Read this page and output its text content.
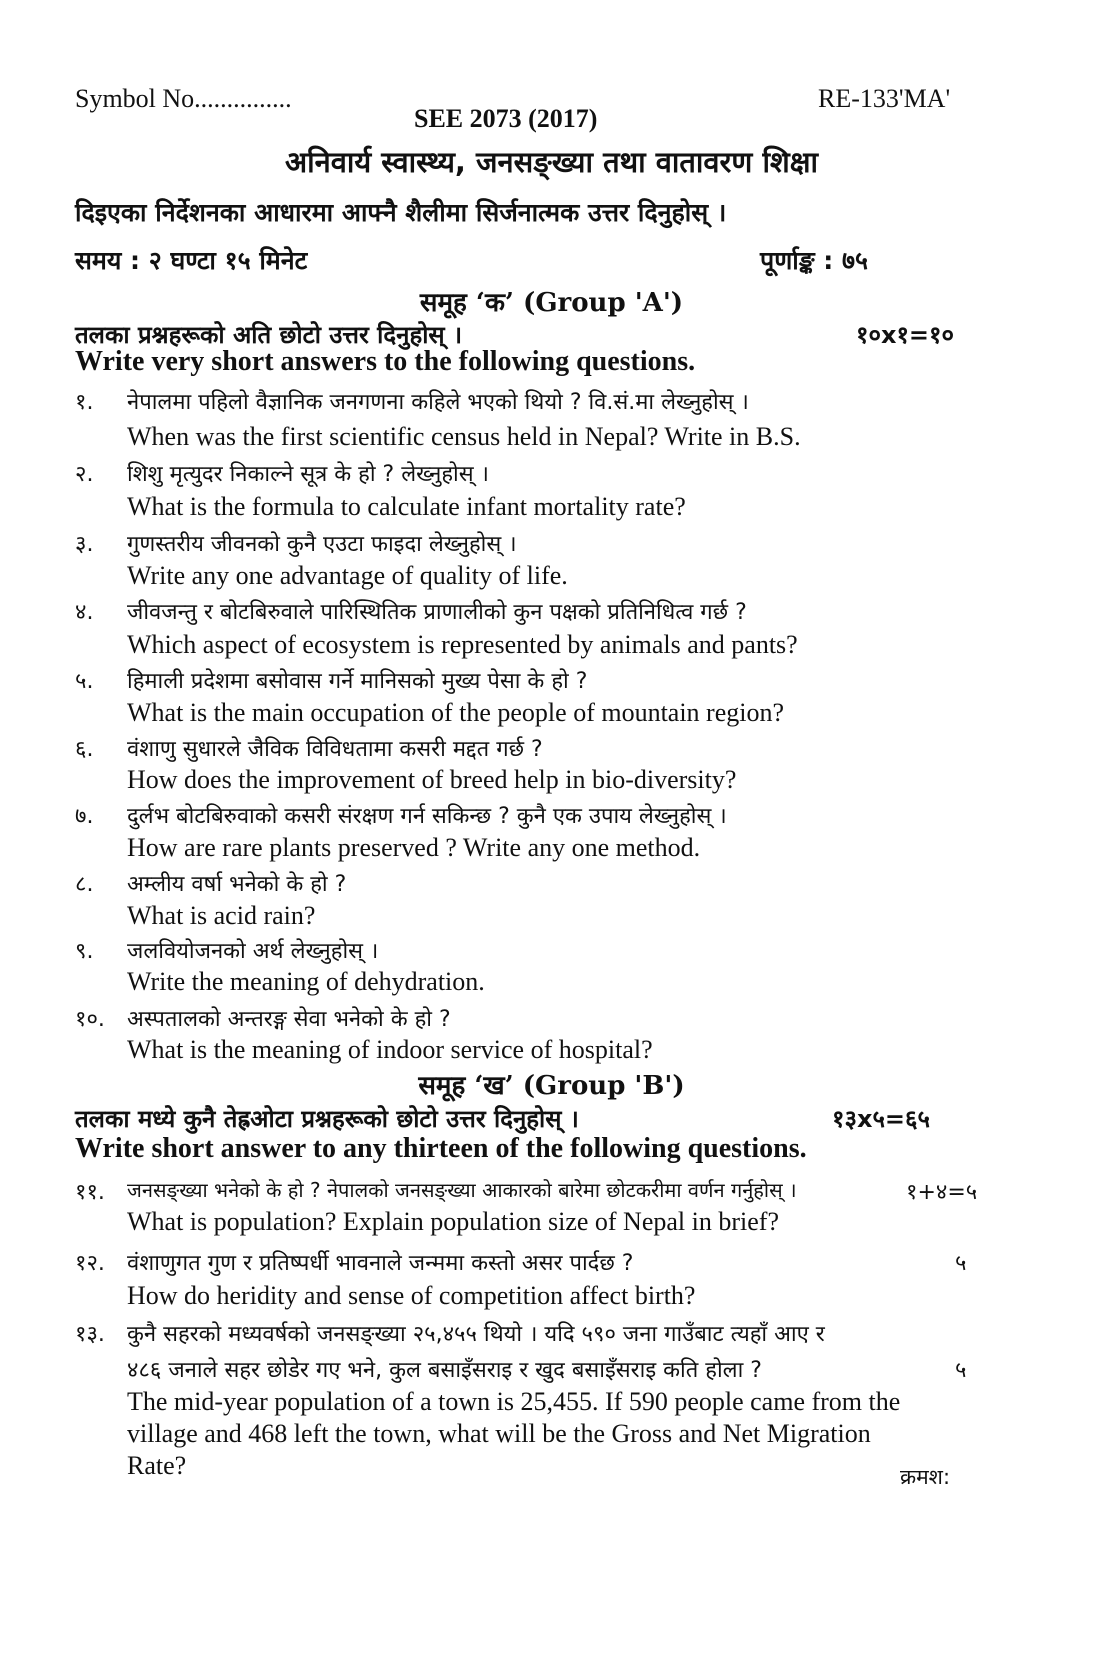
Symbol No...............	RE-133'MA'
SEE 2073 (2017)
अनिवार्य स्वास्थ्य, जनसङ्ख्या तथा वातावरण शिक्षा
दिइएका निर्देशनका आधारमा आफ्नै शैलीमा सिर्जनात्मक उत्तर दिनुहोस् ।
समय : २ घण्टा १५ मिनेट	पूर्णाङ्क : ७५
समूह ‘क’ (Group 'A')
तलका प्रश्नहरूको अति छोटो उत्तर दिनुहोस् ।	१०x१=१०
Write very short answers to the following questions.
१. नेपालमा पहिलो वैज्ञानिक जनगणना कहिले भएको थियो ? वि.सं.मा लेख्नुहोस् ।
When was the first scientific census held in Nepal? Write in B.S.
२. शिशु मृत्युदर निकाल्ने सूत्र के हो ? लेख्नुहोस् ।
What is the formula to calculate infant mortality rate?
३. गुणस्तरीय जीवनको कुनै एउटा फाइदा लेख्नुहोस् ।
Write any one advantage of quality of life.
४. जीवजन्तु र बोटबिरुवाले पारिस्थितिक प्राणालीको कुन पक्षको प्रतिनिधित्व गर्छ ?
Which aspect of ecosystem is represented by animals and pants?
५. हिमाली प्रदेशमा बसोवास गर्ने मानिसको मुख्य पेसा के हो ?
What is the main occupation of the people of mountain region?
६. वंशाणु सुधारले जैविक विविधतामा कसरी मद्दत गर्छ ?
How does the improvement of breed help in bio-diversity?
७. दुर्लभ बोटबिरुवाको कसरी संरक्षण गर्न सकिन्छ ? कुनै एक उपाय लेख्नुहोस् ।
How are rare plants preserved ? Write any one method.
८. अम्लीय वर्षा भनेको के हो ?
What is acid rain?
९. जलवियोजनको अर्थ लेख्नुहोस् ।
Write the meaning of dehydration.
१०. अस्पतालको अन्तरङ्ग सेवा भनेको के हो ?
What is the meaning of indoor service of hospital?
समूह ‘ख’ (Group 'B')
तलका मध्ये कुनै तेह्रओटा प्रश्नहरूको छोटो उत्तर दिनुहोस् ।	१३x५=६५
Write short answer to any thirteen of the following questions.
११. जनसङ्ख्या भनेको के हो ? नेपालको जनसङ्ख्या आकारको बारेमा छोटकरीमा वर्णन गर्नुहोस् ।	१+४=५
What is population? Explain population size of Nepal in brief?
१२. वंशाणुगत गुण र प्रतिष्पर्धी भावनाले जन्ममा कस्तो असर पार्दछ ?	५
How do heridity and sense of competition affect birth?
१३. कुनै सहरको मध्यवर्षको जनसङ्ख्या २५,४५५ थियो । यदि ५९० जना गाउँबाट त्यहाँ आए र
४८६ जनाले सहर छोडेर गए भने, कुल बसाइँसराइ र खुद बसाइँसराइ कति होला ?	५
The mid-year population of a town is 25,455. If 590 people came from the
village and 468 left the town, what will be the Gross and Net Migration
Rate?	क्रमश:
